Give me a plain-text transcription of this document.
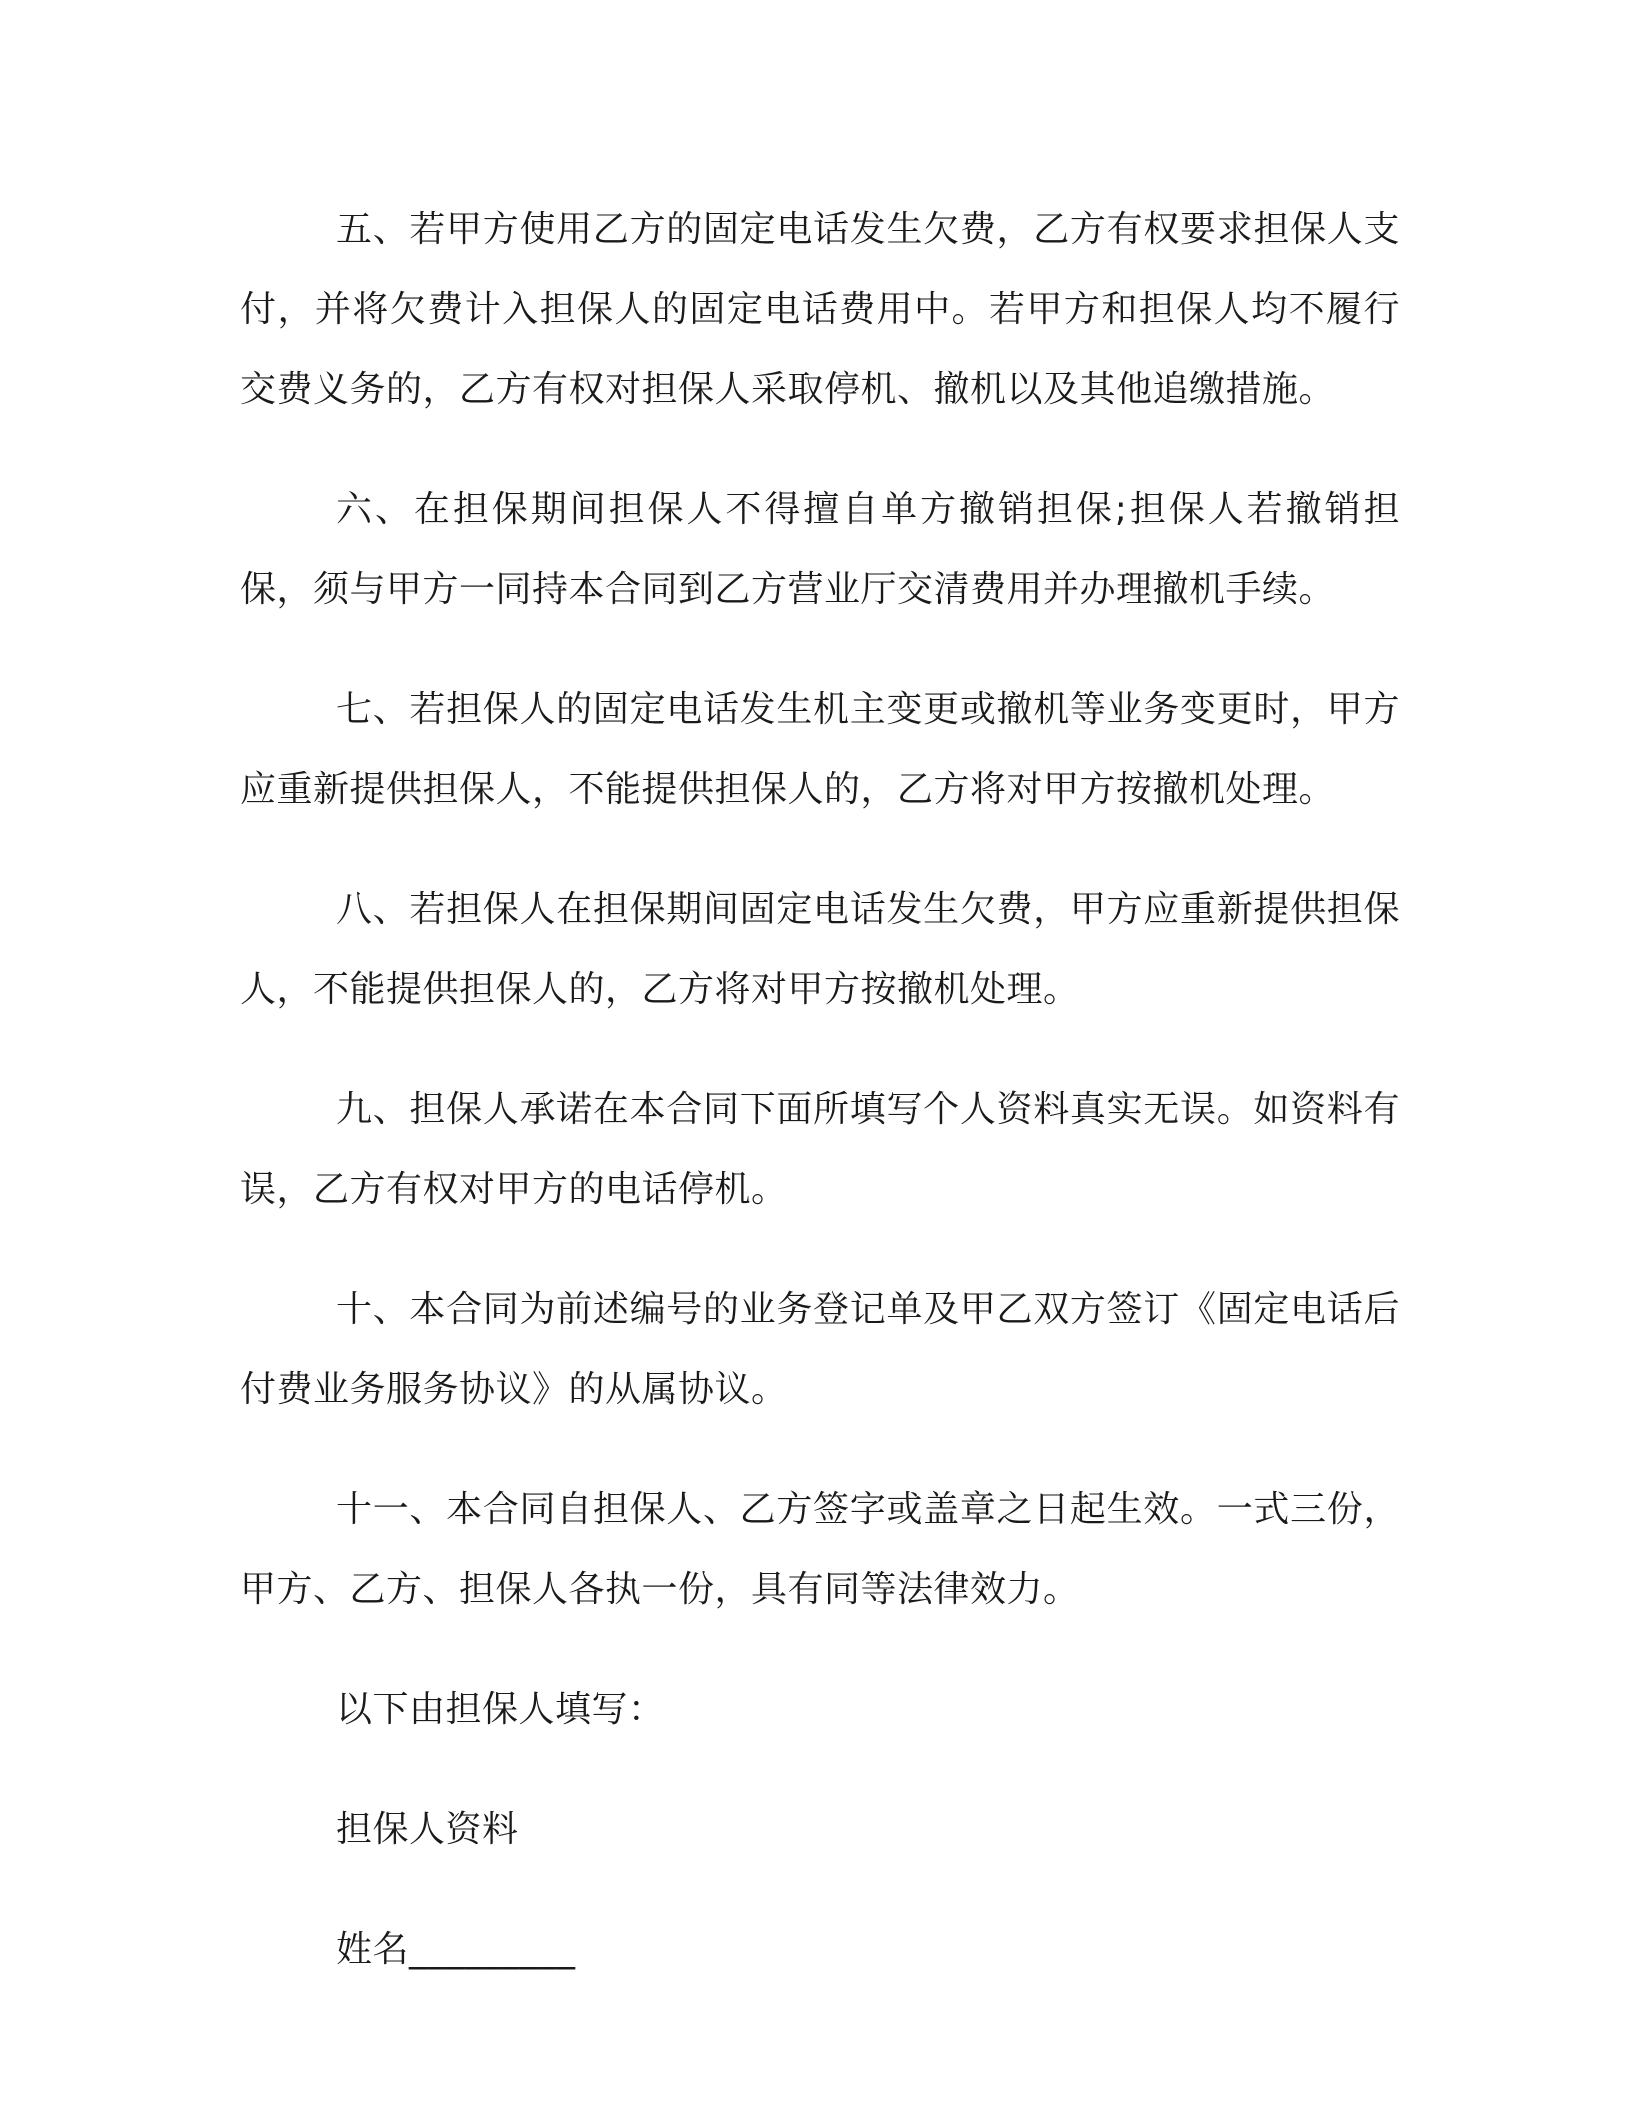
五、若甲方使用乙方的固定电话发生欠费，乙方有权要求担保人支付，并将欠费计入担保人的固定电话费用中。若甲方和担保人均不履行交费义务的，乙方有权对担保人采取停机、撤机以及其他追缴措施。

六、在担保期间担保人不得擅自单方撤销担保;担保人若撤销担保，须与甲方一同持本合同到乙方营业厅交清费用并办理撤机手续。

七、若担保人的固定电话发生机主变更或撤机等业务变更时，甲方应重新提供担保人，不能提供担保人的，乙方将对甲方按撤机处理。

八、若担保人在担保期间固定电话发生欠费，甲方应重新提供担保人，不能提供担保人的，乙方将对甲方按撤机处理。

九、担保人承诺在本合同下面所填写个人资料真实无误。如资料有误，乙方有权对甲方的电话停机。

十、本合同为前述编号的业务登记单及甲乙双方签订《固定电话后付费业务服务协议》的从属协议。

十一、本合同自担保人、乙方签字或盖章之日起生效。一式三份，甲方、乙方、担保人各执一份，具有同等法律效力。

以下由担保人填写：

担保人资料

姓名_________
